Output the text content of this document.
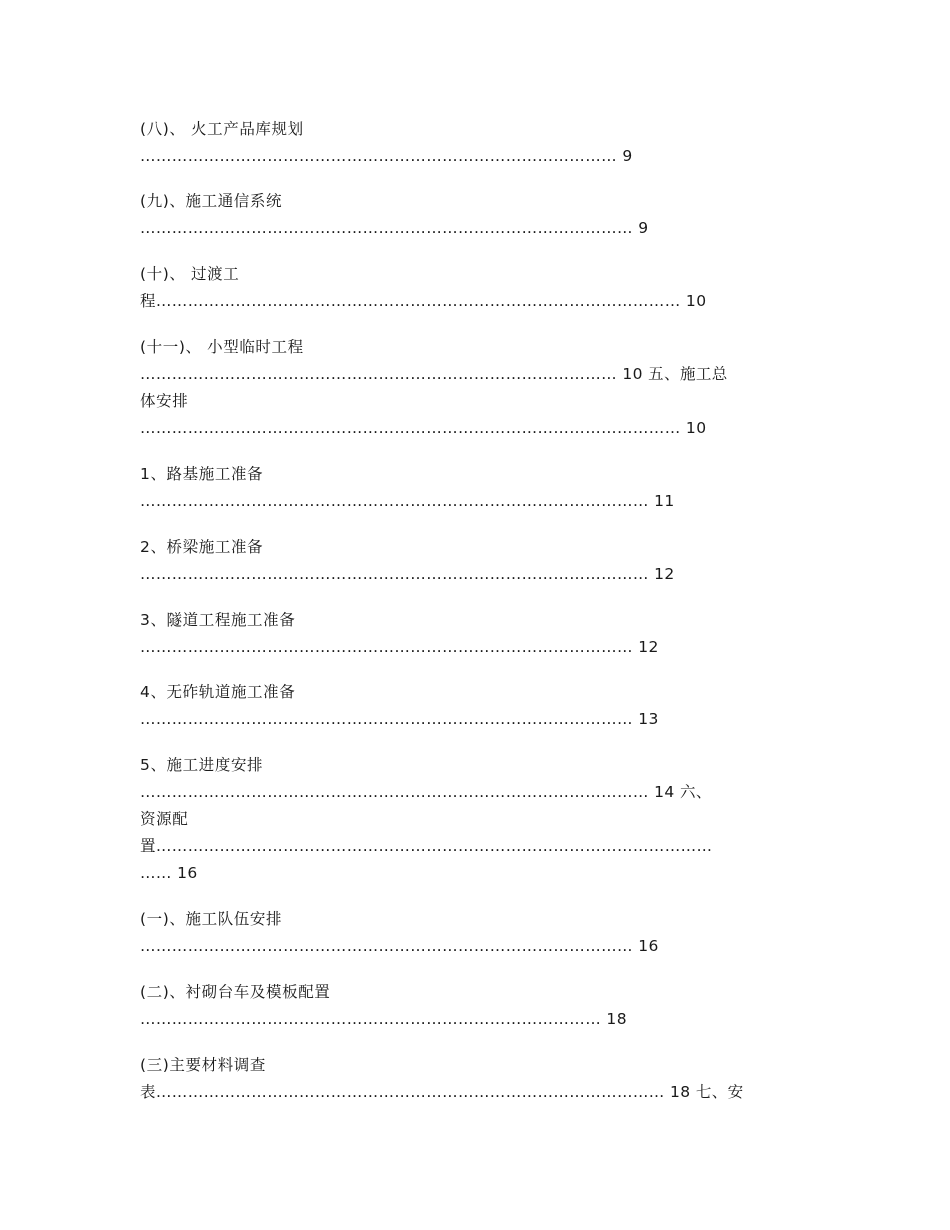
(八)、 火工产品库规划
……………………………………………………………………………… 9
(九)、施工通信系统
………………………………………………………………………………… 9
(十)、 过渡工
程……………………………………………………………………………………… 10
(十一)、 小型临时工程
……………………………………………………………………………… 10 五、施工总
体安排
………………………………………………………………………………………… 10
1、路基施工准备
…………………………………………………………………………………… 11
2、桥梁施工准备
…………………………………………………………………………………… 12
3、隧道工程施工准备
………………………………………………………………………………… 12
4、无砟轨道施工准备
………………………………………………………………………………… 13
5、施工进度安排
…………………………………………………………………………………… 14 六、
资源配
置……………………………………………………………………………………………
…… 16
(一)、施工队伍安排
………………………………………………………………………………… 16
(二)、衬砌台车及模板配置
…………………………………………………………………………… 18
(三)主要材料调查
表…………………………………………………………………………………… 18 七、安
